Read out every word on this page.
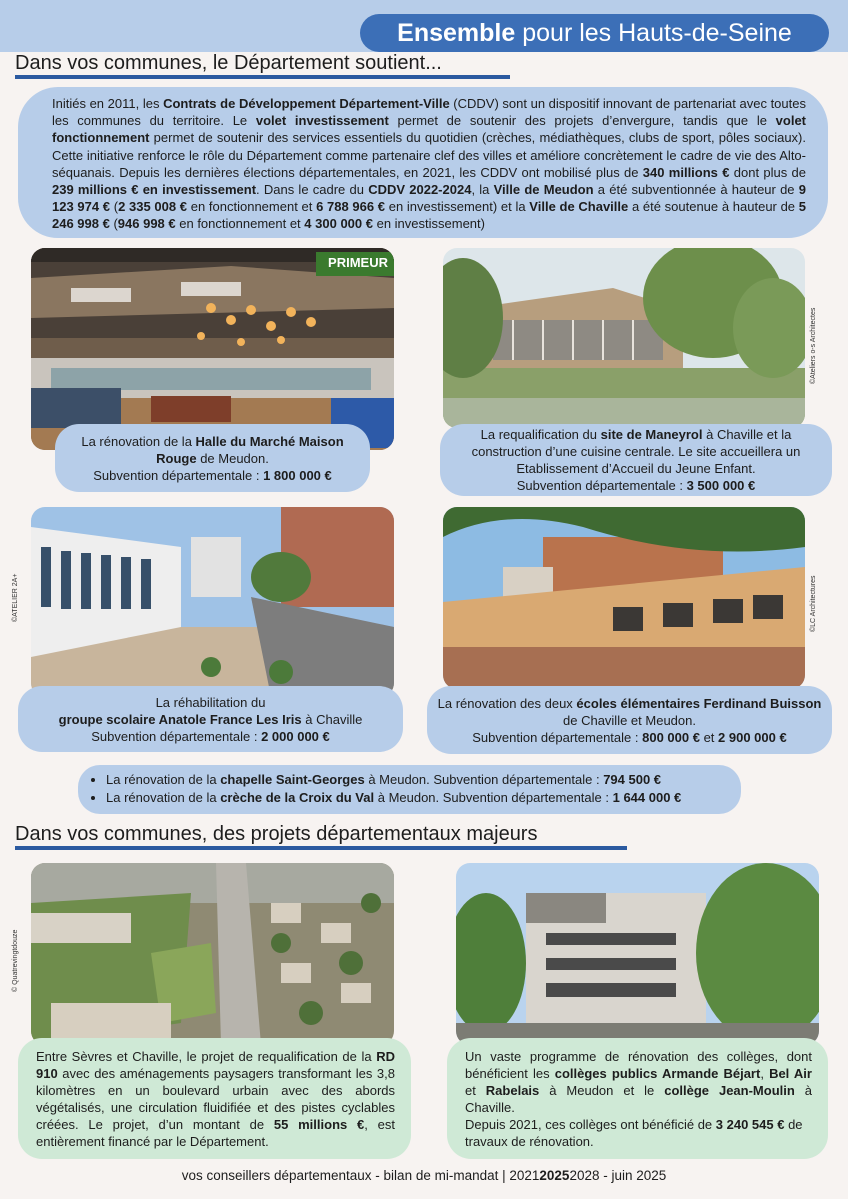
Ensemble pour les Hauts-de-Seine
Dans vos communes, le Département soutient...
Initiés en 2011, les Contrats de Développement Département-Ville (CDDV) sont un dispositif innovant de partenariat avec toutes les communes du territoire. Le volet investissement permet de soutenir des projets d’envergure, tandis que le volet fonctionnement permet de soutenir des services essentiels du quotidien (crèches, médiathèques, clubs de sport, pôles sociaux). Cette initiative renforce le rôle du Département comme partenaire clef des villes et améliore concrètement le cadre de vie des Alto-séquanais. Depuis les dernières élections départementales, en 2021, les CDDV ont mobilisé plus de 340 millions € dont plus de 239 millions € en investissement. Dans le cadre du CDDV 2022-2024, la Ville de Meudon a été subventionnée à hauteur de 9 123 974 € (2 335 008 € en fonctionnement et 6 788 966 € en investissement) et la Ville de Chaville a été soutenue à hauteur de 5 246 998 € (946 998 € en fonctionnement et 4 300 000 € en investissement)
PRIMEUR
La rénovation de la Halle du Marché Maison Rouge de Meudon.
Subvention départementale : 1 800 000 €
©Ateliers o-s Architectes
La requalification du site de Maneyrol à Chaville et la construction d’une cuisine centrale. Le site accueillera un Etablissement d’Accueil du Jeune Enfant.
Subvention départementale : 3 500 000 €
©ATELIER 2A+
La réhabilitation du
groupe scolaire Anatole France Les Iris à Chaville
Subvention départementale : 2 000 000 €
©LC Architectures
La rénovation des deux écoles élémentaires Ferdinand Buisson de Chaville et Meudon.
Subvention départementale : 800 000 € et 2 900 000 €
• La rénovation de la chapelle Saint-Georges à Meudon. Subvention départementale : 794 500 €
• La rénovation de la crèche de la Croix du Val à Meudon. Subvention départementale : 1 644 000 €
Dans vos communes, des projets départementaux majeurs
© Quatrevingtdouze
Entre Sèvres et Chaville, le projet de requalification de la RD 910 avec des aménagements paysagers transformant les 3,8 kilomètres en un boulevard urbain avec des abords végétalisés, une circulation fluidifiée et des pistes cyclables créées. Le projet, d’un montant de 55 millions €, est entièrement financé par le Département.
Un vaste programme de rénovation des collèges, dont bénéficient les collèges publics Armande Béjart, Bel Air et Rabelais à Meudon et le collège Jean-Moulin à Chaville.
Depuis 2021, ces collèges ont bénéficié de 3 240 545 € de travaux de rénovation.
vos conseillers départementaux - bilan de mi-mandat | 202120252028 - juin 2025
